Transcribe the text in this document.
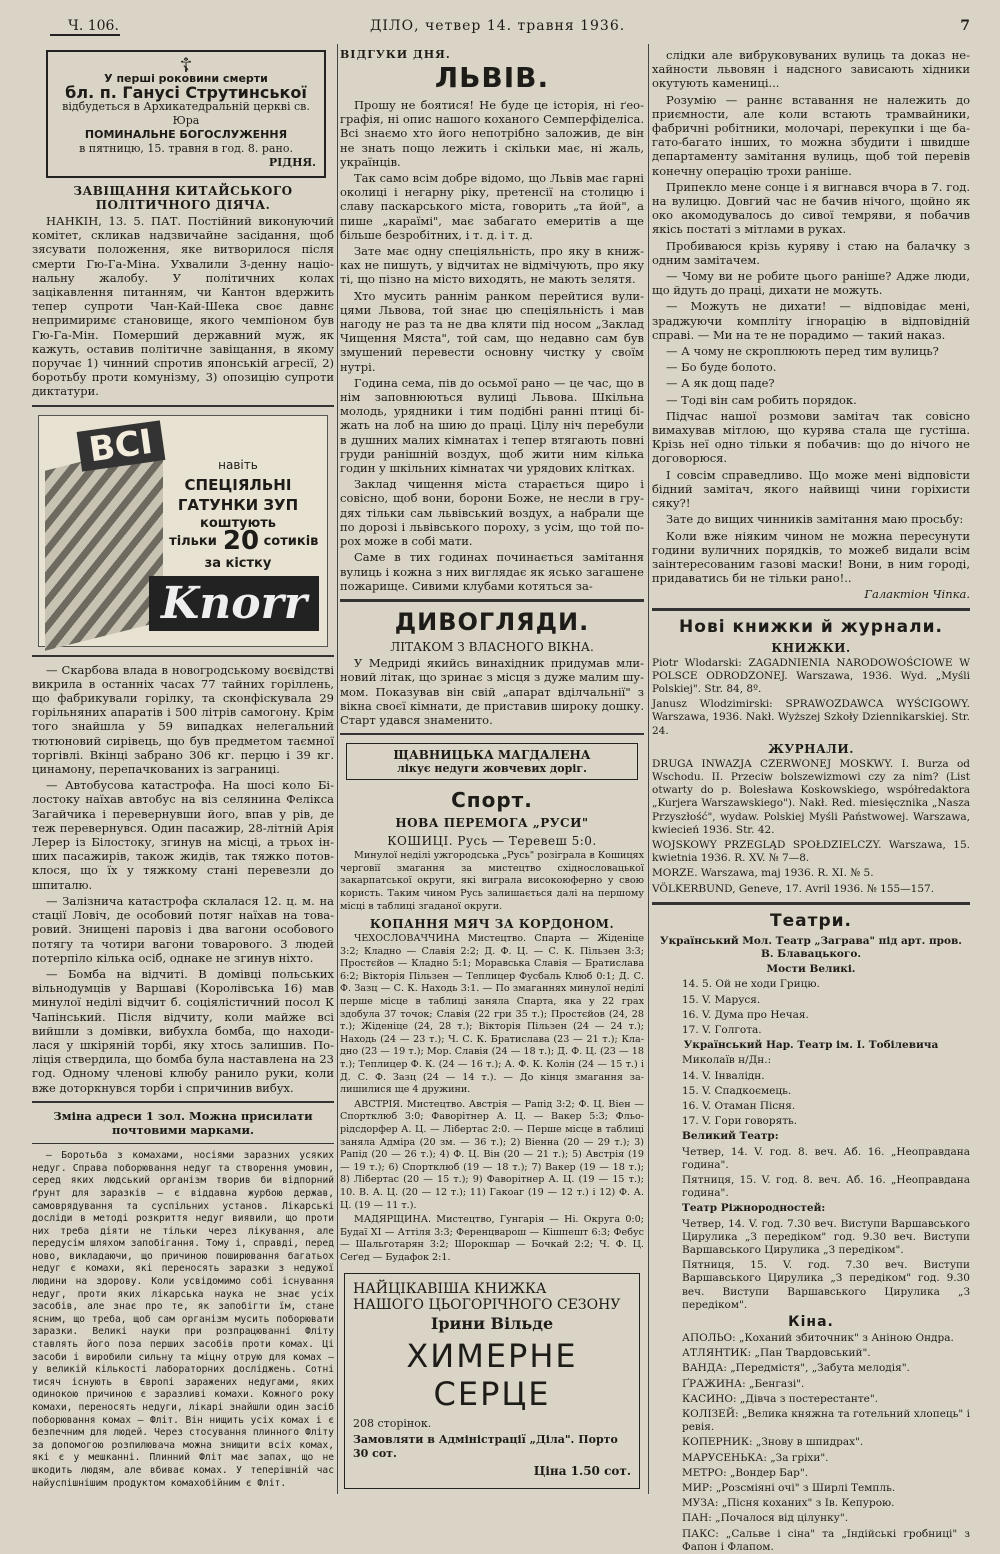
Ч. 106.	ДІЛО, четвер 14. травня 1936.	7
☦
У перші роковини смерти
бл. п. Ганусі Струтинської
відбудеться в Архикатедральній церкві св. Юра
ПОМИНАЛЬНЕ БОГОСЛУЖЕННЯ
в пятницю, 15. травня в год. 8. рано.
РІДНЯ.
ЗАВІЩАННЯ КИТАЙСЬКОГО ПОЛІТИЧНОГО ДІЯЧА.

НАНКІН, 13. 5. ПАТ. Постійний виконуючий комітет, скликав надзвичайне засідання, щоб зясувати положення, яке витворилося після смерти Гю-Га-Міна. Ухвалили 3-денну національну жалобу. У політичних колах зацікавлення питанням, чи Кантон вдержить тепер супроти Чан-Кай-Шека своє давнє непримиримє становище, якого чемпіоном був Гю-Га-Мін. Померший державний муж, як кажуть, оставив політичне завіщання, в якому поручає 1) чинний спротив японській агресії, 2) боротьбу проти комунізму, 3) опозицію супроти диктатури.

ВСІ	навіть
СПЕЦІЯЛЬНІ
ГАТУНКИ ЗУП
коштують
тільки 20 сотиків
за кістку
Knorr

— Скарбова влада в новогродському воєвідстві викрила в останніх часах 77 тайних горіллень, що фабрикували горілку, та сконфіскувала 29 горільняних апаратів і 500 літрів самогону. Крім того знайшла у 59 випадках нелегальний тютюновий сирівець, що був предметом таємної торгівлі. Вкінці забрано 306 кг. перцю і 39 кг. цинамону, перепачкованих із заграниці.

— Автобусова катастрофа. На шосі коло Білостоку наїхав автобус на віз селянина Фелікса Загайчика і перевернувши його, впав у рів, де теж перевернувся. Один пасажир, 28-літній Арія Лерер із Білостоку, згинув на місці, а трьох інших пасажирів, також жидів, так тяжко потовклося, що їх у тяжкому стані перевезли до шпиталю.

— Залізнича катастрофа склалася 12. ц. м. на стації Ловіч, де особовий потяг наїхав на товаровий. Знищені паровіз і два вагони особового потягу та чотири вагони товарового. 3 людей потерпіло кілька осіб, однаке не згинув ніхто.

— Бомба на відчиті. В домівці польських вільнодумців у Варшаві (Королівська 16) мав минулої неділі відчит б. соціялістичний посол К Чапінський. Після відчиту, коли майже всі вийшли з домівки, вибухла бомба, що находилася у шкіряній торбі, яку хтось залишив. Поліція ствердила, що бомба була наставлена на 23 год. Одному членові клюбу ранило руки, коли вже доторкнувся торби і спричинив вибух.

Зміна адреси 1 зол. Можна присилати почтовими марками.

— Боротьба з комахами, носіями заразних усяких недуг. Справа поборювання недуг та створення умовин, серед яких людський організм творив би відпорний ґрунт для заразків — є віддавна журбою держав, самоврядування та суспільних установ. Лікарські досліди в методі розкриття недуг виявили, що проти них треба діяти не тільки через лікування, але передусім шляхом запобігання. Тому і, справді, перед ново, викладаючи, що причиною поширювання багатьох недуг є комахи, які переносять заразки з недужої людини на здорову. Коли усвідомимо собі існування недуг, проти яких лікарська наука не знає усіх засобів, але знає про те, як запобігти їм, стане ясним, що треба, щоб сам організм мусить поборювати заразки. Великі науки при розпрацюванні Фліту ставлять його поза перших засобів проти комах. Ці засоби і виробили сильну та міцну отрую для комах — у великій кількості лабораторних досліджень. Сотні тисяч існують в Європі заражених недугами, яких одинокою причиною є заразливі комахи. Кожного року комахи, переносять недуги, лікарі знайшли один засіб поборювання комах — Фліт. Він нищить усіх комах і є безпечним для людей. Через стосування плинного Фліту за допомогою розпилювача можна знищити всіх комах, які є у мешканні. Плинний Фліт має запах, що не шкодить людям, але вбиває комах. У теперішній час найуспішнішим продуктом комахобійним є Фліт.

ВІДГУКИ ДНЯ.
ЛЬВІВ.

Прошу не боятися! Не буде це історія, ні ґеографія, ні опис нашого кохaного Семперфіделіса. Всі знаємо хто його непотрібно заложив, де він не знать пощо лежить і скільки має, ні жаль, українців.

Так само всім добре відомо, що Львів має гарні околиці і негарну ріку, претенсії на столицю і славу паскарського міста, говорить „та йой", а пише „караїмі", має забагато емеритів а ще більше безробітних, і т. д. і т. д.

Зате має одну спеціяльність, про яку в книжках не пишуть, у відчитах не відмічують, про яку ті, що пізно на місто виходять, не мають зелятя.

Хто мусить раннім ранком перейтися вулицями Львова, той знає цю спеціяльність і мав нагоду не раз та не два кляти під носом „Заклад Чищення Мяста", той сам, що недавно сам був змушений перевести основну чистку у своїм нутрі.

Година сема, пів до осьмої рано — це час, що в нім заповнюються вулиці Львова. Шкільна молодь, урядники і тим подібні ранні птиці біжать на лоб на шию до праці. Цілу ніч перебули в душних малих кімнатах і тепер втягають повні груди ранішній воздух, щоб жити ним кілька годин у шкільних кімнатах чи урядових клітках.

Заклад чищення міста старається щиро і совісно, щоб вони, борони Боже, не несли в грудях тільки сам львівський воздух, а набрали ще по дорозі і львівського пороху, з усім, що той порох може в собі мати.

Саме в тих годинах починається замітання вулиць і кожна з них виглядає як ясько загашене пожарище. Сивими клубами котяться за-

ДИВОГЛЯДИ.

ЛІТАКОМ З ВЛАСНОГО ВІКНА.

У Медриді якийсь винахідник придумав млиновий літак, що зринає з місця з дуже малим шумом. Показував він свій „апарат вділчальнії" з вікна своєї кімнати, де приставив широку дошку. Старт удався знаменито.

ЩАВНИЦЬКА МАГДАЛЕНА
лікує недуги жовчевих доріг.
Спорт.
НОВА ПЕРЕМОГА „РУСИ"
КОШИЦІ. Русь — Теревеш 5:0.

Минулої неділі ужгородська „Русь" розіграла в Кошицях черговії змагання за мистецтво східнословацької закарпатської округи, які виграла високоюферно у свою користь. Таким чином Русь залишається далі на першому місці в таблиці згаданої округи.

КОПАННЯ МЯЧ ЗА КОРДОНОМ.

ЧЕХОСЛОВАЧЧИНА Мистецтво. Спарта — Жіденіце 3:2; Кладно — Славія 2:2; Д. Ф. Ц. — С. К. Пільзен 3:3; Простєйов — Кладно 5:1; Моравська Славія — Братислава 6:2; Вікторія Пільзен — Теплицер Фусбаль Клюб 0:1; Д. С. Ф. Зазц — С. К. Находь 3:1. — По змаганнях минулої неділі перше місце в таблиці заняла Спарта, яка у 22 грах здобула 37 точок; Славія (22 гри 35 т.); Простєйов (24, 28 т.); Жіденіце (24, 28 т.); Вікторія Пільзен (24 — 24 т.); Находь (24 — 23 т.); Ч. С. К. Братислава (23 — 21 т.); Кладно (23 — 19 т.); Мор. Славія (24 — 18 т.); Д. Ф. Ц. (23 — 18 т.); Теплицер Ф. К. (24 — 16 т.); А. Ф. К. Колін (24 — 15 т.) і Д. С. Ф. Зазц (24 — 14 т.). — До кінця змагання залишилися ще 4 дружини.

АВСТРІЯ. Мистецтво. Австрія — Рапід 3:2; Ф. Ц. Віен — Спортклюб 3:0; Фаворітнер А. Ц. — Вакер 5:3; Фльорідсдорфер А. Ц. — Лібертас 2:0. — Перше місце в таблиці заняла Адміра (20 зм. — 36 т.); 2) Віенна (20 — 29 т.); 3) Рапід (20 — 26 т.); 4) Ф. Ц. Він (20 — 21 т.); 5) Австрія (19 — 19 т.); 6) Спортклюб (19 — 18 т.); 7) Вакер (19 — 18 т.); 8) Лібертас (20 — 15 т.); 9) Фаворітнер А. Ц. (19 — 15 т.); 10. В. А. Ц. (20 — 12 т.); 11) Гакоаг (19 — 12 т.) і 12) Ф. А. Ц. (19 — 11 т.).

МАДЯРЩИНА. Мистецтво, Гунгарія — Ні. Округа 0:0; Будаї XI — Аттіля 3:3; Ференцварош — Кішпешт 6:3; Фебус — Шальготарян 3:2; Шорокшар — Бочкай 2:2; Ч. Ф. Ц. Сеґед — Будафок 2:1.

НАЙЦІКАВІША КНИЖКА

НАШОГО ЦЬОГОРІЧНОГО СЕЗОНУ

Ірини Вільде
ХИМЕРНЕ СЕРЦЕ

208 сторінок.

Замовляти в Адміністрації „Діла". Порто 30 сот.

Ціна 1.50 сот.

слідки але вибруковуваних вулиць та доказ нехайности львовян і надсного зависають хідники окутують камениці...

Розумію — раннє вставання не належить до приємности, але коли встають трамвайники, фабричні робітники, молочарі, перекупки і ще багато-багато інших, то можна збудити і швидше департаменту замітання вулиць, щоб той перевів конечну операцію трохи раніше.

Припекло мене сонце і я вигнався вчора в 7. год. на вулицю. Довгий час не бачив нічого, щойно як око акомодувалось до сивої темряви, я побачив якісь постаті з мітлами в руках.

Пробиваюся крізь куряву і стаю на балачку з одним замітачем.

— Чому ви не робите цього раніше? Адже люди, що йдуть до праці, дихати не можуть.

— Можуть не дихати! — відповідає мені, зраджуючи компліту ігнорацію в відповідній справі. — Ми на те не порадимо — такий наказ.

— А чому не скроплюють перед тим вулиць?

— Бо буде болото.

— А як дощ паде?

— Тоді він сам робить порядок.

Підчас нашої розмови замітач так совісно вимахував мітлою, що курява стала ще густіша. Крізь неї одно тільки я побачив: що до нічого не договорюся.

І совсім справедливо. Що може мені відповісти бідний замітач, якого найвищі чини горіхисти сяку?!

Зате до вищих чинників замітання маю просьбу:

Коли вже ніяким чином не можна пересунути години вуличних порядків, то можеб видали всім заінтересованим газові маски! Вони, в ним городі, придаватись би не тільки рано!..

Галактіон Чіпка.

Нові книжки й журнали.
КНИЖКИ.

Piotr Wlodarski: ZAGADNIENIA NARODOWOŚCIOWE W POLSCE ODRODZONEJ. Warszawa, 1936. Wyd. „Myśli Polskiej". Str. 84, 8º.

Janusz Wlodzimirski: SPRAWOZDAWCA WYŚCIGOWY. Warszawa, 1936. Nakł. Wyższej Szkoły Dziennikarskiej. Str. 24.

ЖУРНАЛИ.

DRUGA INWAZJA CZERWONEJ MOSKWY. I. Burza od Wschodu. II. Przeciw bolszewizmowi czy za nim? (List otwarty do p. Bolesława Koskowskiego, współredaktora „Kurjera Warszawskiego"). Nakł. Red. miesięcznika „Nasza Przyszłość", wydaw. Polskiej Myśli Państwowej. Warszawa, kwiecień 1936. Str. 42.

WOJSKOWY PRZEGLĄD SPOŁDZIELCZY. Warszawa, 15. kwietnia 1936. R. XV. № 7—8.

MORZE. Warszawa, maj 1936. R. XI. № 5.

VÖLKERBUND, Geneve, 17. Avril 1936. № 155—157.

Театри.

Український Мол. Театр „Заграва" під арт. пров. В. Блавацького.

Мости Великі.

14. 5. Ой не ходи Грицю.

15. V. Маруся.

16. V. Дума про Нечая.

17. V. Голгота.

Український Нар. Театр ім. І. Тобілевича

Миколаїв н/Дн.:

14. V. Інвалідн.

15. V. Спадкоємець.

16. V. Отаман Пісня.

17. V. Гори говорять.

Великий Театр:

Четвер, 14. V. год. 8. веч. Аб. 16. „Неоправдана година".

Пятниця, 15. V. год. 8. веч. Аб. 16. „Неоправдана година".

Театр Ріжнородностей:

Четвер, 14. V. год. 7.30 веч. Виступи Варшавського Цирулика „З передіком" год. 9.30 веч. Виступи Варшавського Цирулика „З передіком".

Пятниця, 15. V. год. 7.30 веч. Виступи Варшавського Цирулика „З передіком" год. 9.30 веч. Виступи Варшавського Цирулика „З передіком".

Кіна.

АПОЛЬО: „Коханий збиточник" з Аніною Ондра.

АТЛЯНТИК: „Пан Твардовський".

ВАНДА: „Передмістя", „Забута мелодія".

ҐРАЖИНА: „Бенгазі".

КАСИНО: „Дівча з постерестанте".

КОЛІЗЕЙ: „Велика княжна та готельний хлопець" і ревія.

КОПЕРНИК: „Знову в шпидрах".

МАРУСЕНЬКА: „За гріхи".

МЕТРО: „Вондер Бар".

МИР: „Розсміяні очі" з Ширлі Темпль.

МУЗА: „Пісня коханих" з Ів. Кепурою.

ПАН: „Почалося від цілунку".

ПАКС: „Сальве і сіна" та „Індійські гробниці" з Фапон і Флапом.
